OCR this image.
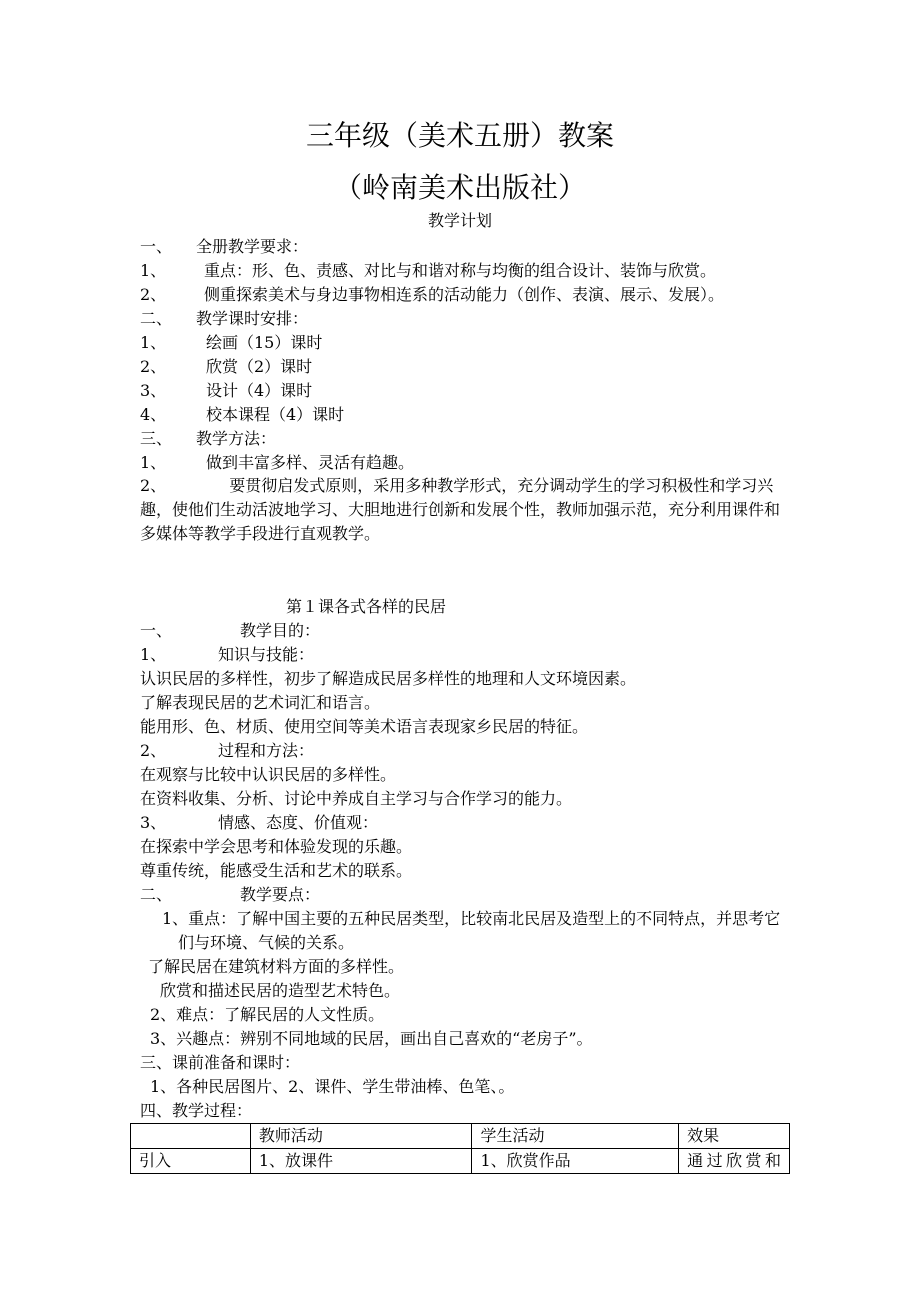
三年级（美术五册）教案
（岭南美术出版社）
教学计划
一、 全册教学要求：
1、 重点：形、色、责感、对比与和谐对称与均衡的组合设计、装饰与欣赏。
2、 侧重探索美术与身边事物相连系的活动能力（创作、表演、展示、发展）。
二、 教学课时安排：
1、 绘画（15）课时
2、 欣赏（2）课时
3、 设计（4）课时
4、 校本课程（4）课时
三、 教学方法：
1、 做到丰富多样、灵活有趋趣。
2、	要贯彻启发式原则，采用多种教学形式，充分调动学生的学习积极性和学习兴趣，使他们生动活波地学习、大胆地进行创新和发展个性，教师加强示范，充分利用课件和多媒体等教学手段进行直观教学。
第１课各式各样的民居
一、	教学目的：
1、	知识与技能：
认识民居的多样性，初步了解造成民居多样性的地理和人文环境因素。
了解表现民居的艺术词汇和语言。
能用形、色、材质、使用空间等美术语言表现家乡民居的特征。
2、	过程和方法：
在观察与比较中认识民居的多样性。
在资料收集、分析、讨论中养成自主学习与合作学习的能力。
3、	情感、态度、价值观：
在探索中学会思考和体验发现的乐趣。
尊重传统，能感受生活和艺术的联系。
二、	教学要点：
1、重点：了解中国主要的五种民居类型，比较南北民居及造型上的不同特点，并思考它
们与环境、气候的关系。
了解民居在建筑材料方面的多样性。
欣赏和描述民居的造型艺术特色。
2、难点：了解民居的人文性质。
3、兴趣点：辨别不同地域的民居，画出自己喜欢的“老房子”。
三、课前准备和课时：
1、各种民居图片、2、课件、学生带油棒、色笔、。
四、教学过程：
	教师活动	学生活动	效果
引入	1、放课件	1、欣赏作品	通过欣赏和
